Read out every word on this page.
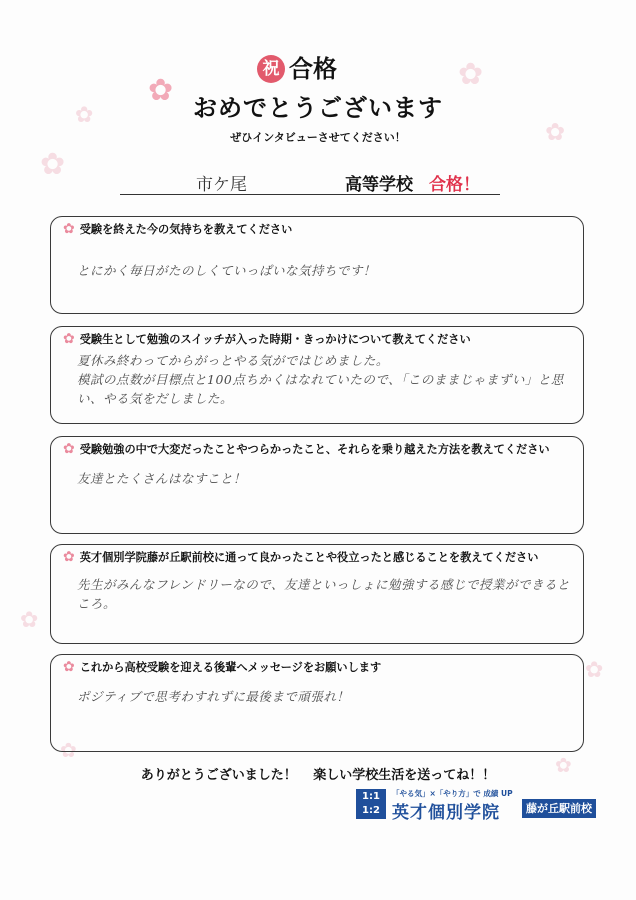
✿
✿
✿
✿
✿
✿
✿
✿
✿
祝 合格
おめでとうございます
ぜひインタビューさせてください！
市ケ尾	高等学校 合格！
✿ 受験を終えた今の気持ちを教えてください
とにかく毎日がたのしくていっぱいな気持ちです！
✿ 受験生として勉強のスイッチが入った時期・きっかけについて教えてください
夏休み終わってからがっとやる気がではじめました。
模試の点数が目標点と100点ちかくはなれていたので、「このままじゃまずい」と思い、やる気をだしました。
✿ 受験勉強の中で大変だったことやつらかったこと、それらを乗り越えた方法を教えてください
友達とたくさんはなすこと！
✿ 英才個別学院藤が丘駅前校に通って良かったことや役立ったと感じることを教えてください
先生がみんなフレンドリーなので、友達といっしょに勉強する感じで授業ができるところ。
✿ これから高校受験を迎える後輩へメッセージをお願いします
ポジティブで思考わすれずに最後まで頑張れ！
ありがとうございました！ 楽しい学校生活を送ってね！！
1:1 1:2
「やる気」×「やり方」で 成績 UP
英才個別学院	藤が丘駅前校
